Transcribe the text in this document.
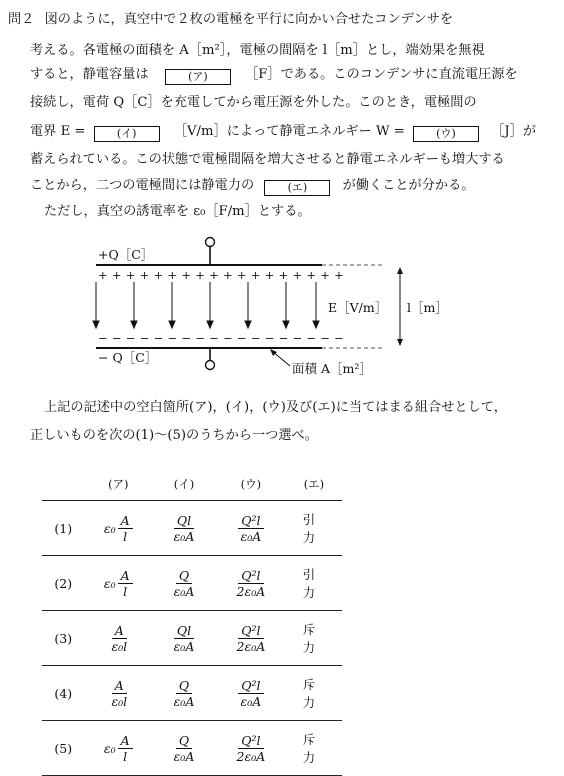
問２ 図のように，真空中で２枚の電極を平行に向かい合せたコンデンサを
考える。各電極の面積を A［m²］，電極の間隔を l［m］とし，端効果を無視
すると，静電容量は	(ア)	［F］である。このコンデンサに直流電圧源を
接続し，電荷 Q［C］を充電してから電圧源を外した。このとき，電極間の
電界 E =	(イ)	［V/m］によって静電エネルギー W =	(ウ)	［J］が
蓄えられている。この状態で電極間隔を増大させると静電エネルギーも増大する
ことから，二つの電極間には静電力の	(エ)	が働くことが分かる。
ただし，真空の誘電率を ε₀［F/m］とする。
+Q［C］
+ + + + + + + + + + + + + + + + + +
− − − − − − − − − − − − − − − − − −
− Q［C］
E［V/m］ l［m］
面積 A［m²］
上記の記述中の空白箇所(ア)，(イ)，(ウ)及び(エ)に当てはまる組合せとして，
正しいものを次の(1)～(5)のうちから一つ選べ。
	(ア)	(イ)	(ウ)	(エ)
(1)	$\varepsilon_0 \frac{A}{l}$	$\frac{Ql}{\text{ε₀A}}$	$\frac{\text{Q²l}}{\text{ε₀A}}$	引 力
(2)	$\varepsilon_0 \frac{A}{l}$	$\frac{Q}{\text{ε₀A}}$	$\frac{\text{Q²l}}{\text{2ε₀A}}$	引 力
(3)	$\frac{A}{\text{ε₀l}}$	$\frac{Ql}{\text{ε₀A}}$	$\frac{\text{Q²l}}{\text{2ε₀A}}$	斥 力
(4)	$\frac{A}{\text{ε₀l}}$	$\frac{Q}{\text{ε₀A}}$	$\frac{\text{Q²l}}{\text{ε₀A}}$	斥 力
(5)	$\varepsilon_0 \frac{A}{l}$	$\frac{Q}{\text{ε₀A}}$	$\frac{\text{Q²l}}{\text{2ε₀A}}$	斥 力
